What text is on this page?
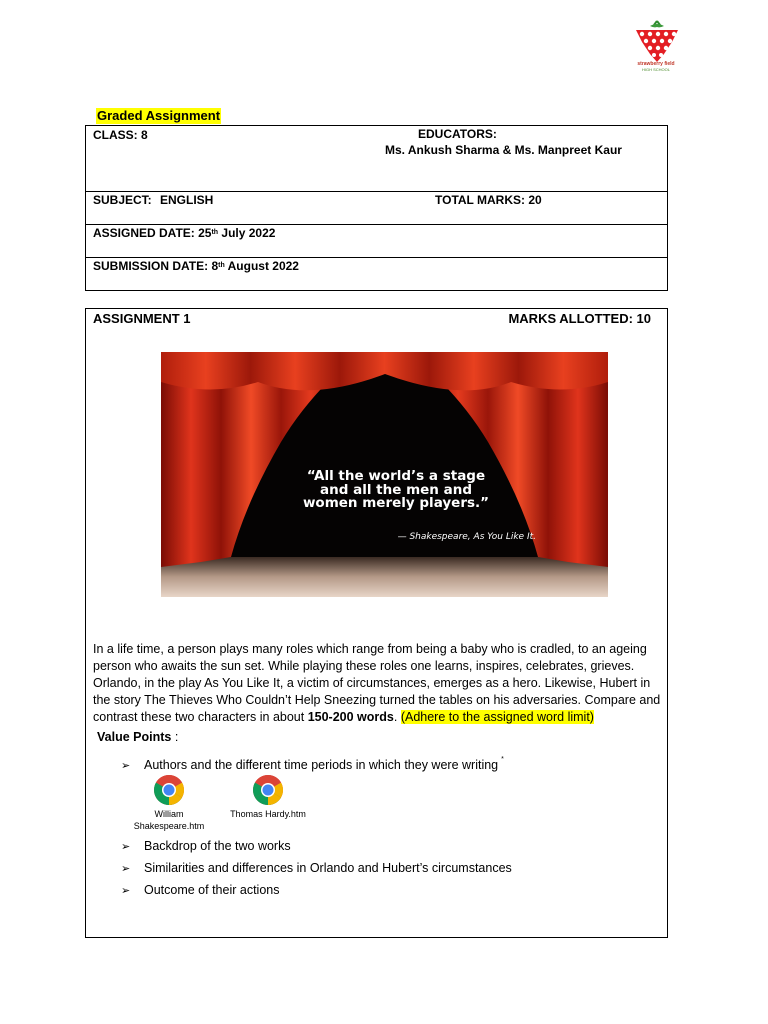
strawberry field
HIGH SCHOOL
Graded Assignment
CLASS: 8	EDUCATORS:
Ms. Ankush Sharma & Ms. Manpreet Kaur
SUBJECT: ENGLISH	TOTAL MARKS: 20
ASSIGNED DATE: 25th July 2022
SUBMISSION DATE: 8th August 2022
ASSIGNMENT 1	MARKS ALLOTTED: 10
“All the world’s a stage
and all the men and
women merely players.”
— Shakespeare, As You Like It.
In a life time, a person plays many roles which range from being a baby who is cradled, to an ageing person who awaits the sun set. While playing these roles one learns, inspires, celebrates, grieves. Orlando, in the play As You Like It, a victim of circumstances, emerges as a hero. Likewise, Hubert in the story The Thieves Who Couldn’t Help Sneezing turned the tables on his adversaries. Compare and contrast these two characters in about 150-200 words. (Adhere to the assigned word limit)
Value Points :
➢ Authors and the different time periods in which they were writing *
William
Shakespeare.htm
Thomas Hardy.htm
➢ Backdrop of the two works
➢ Similarities and differences in Orlando and Hubert’s circumstances
➢ Outcome of their actions
